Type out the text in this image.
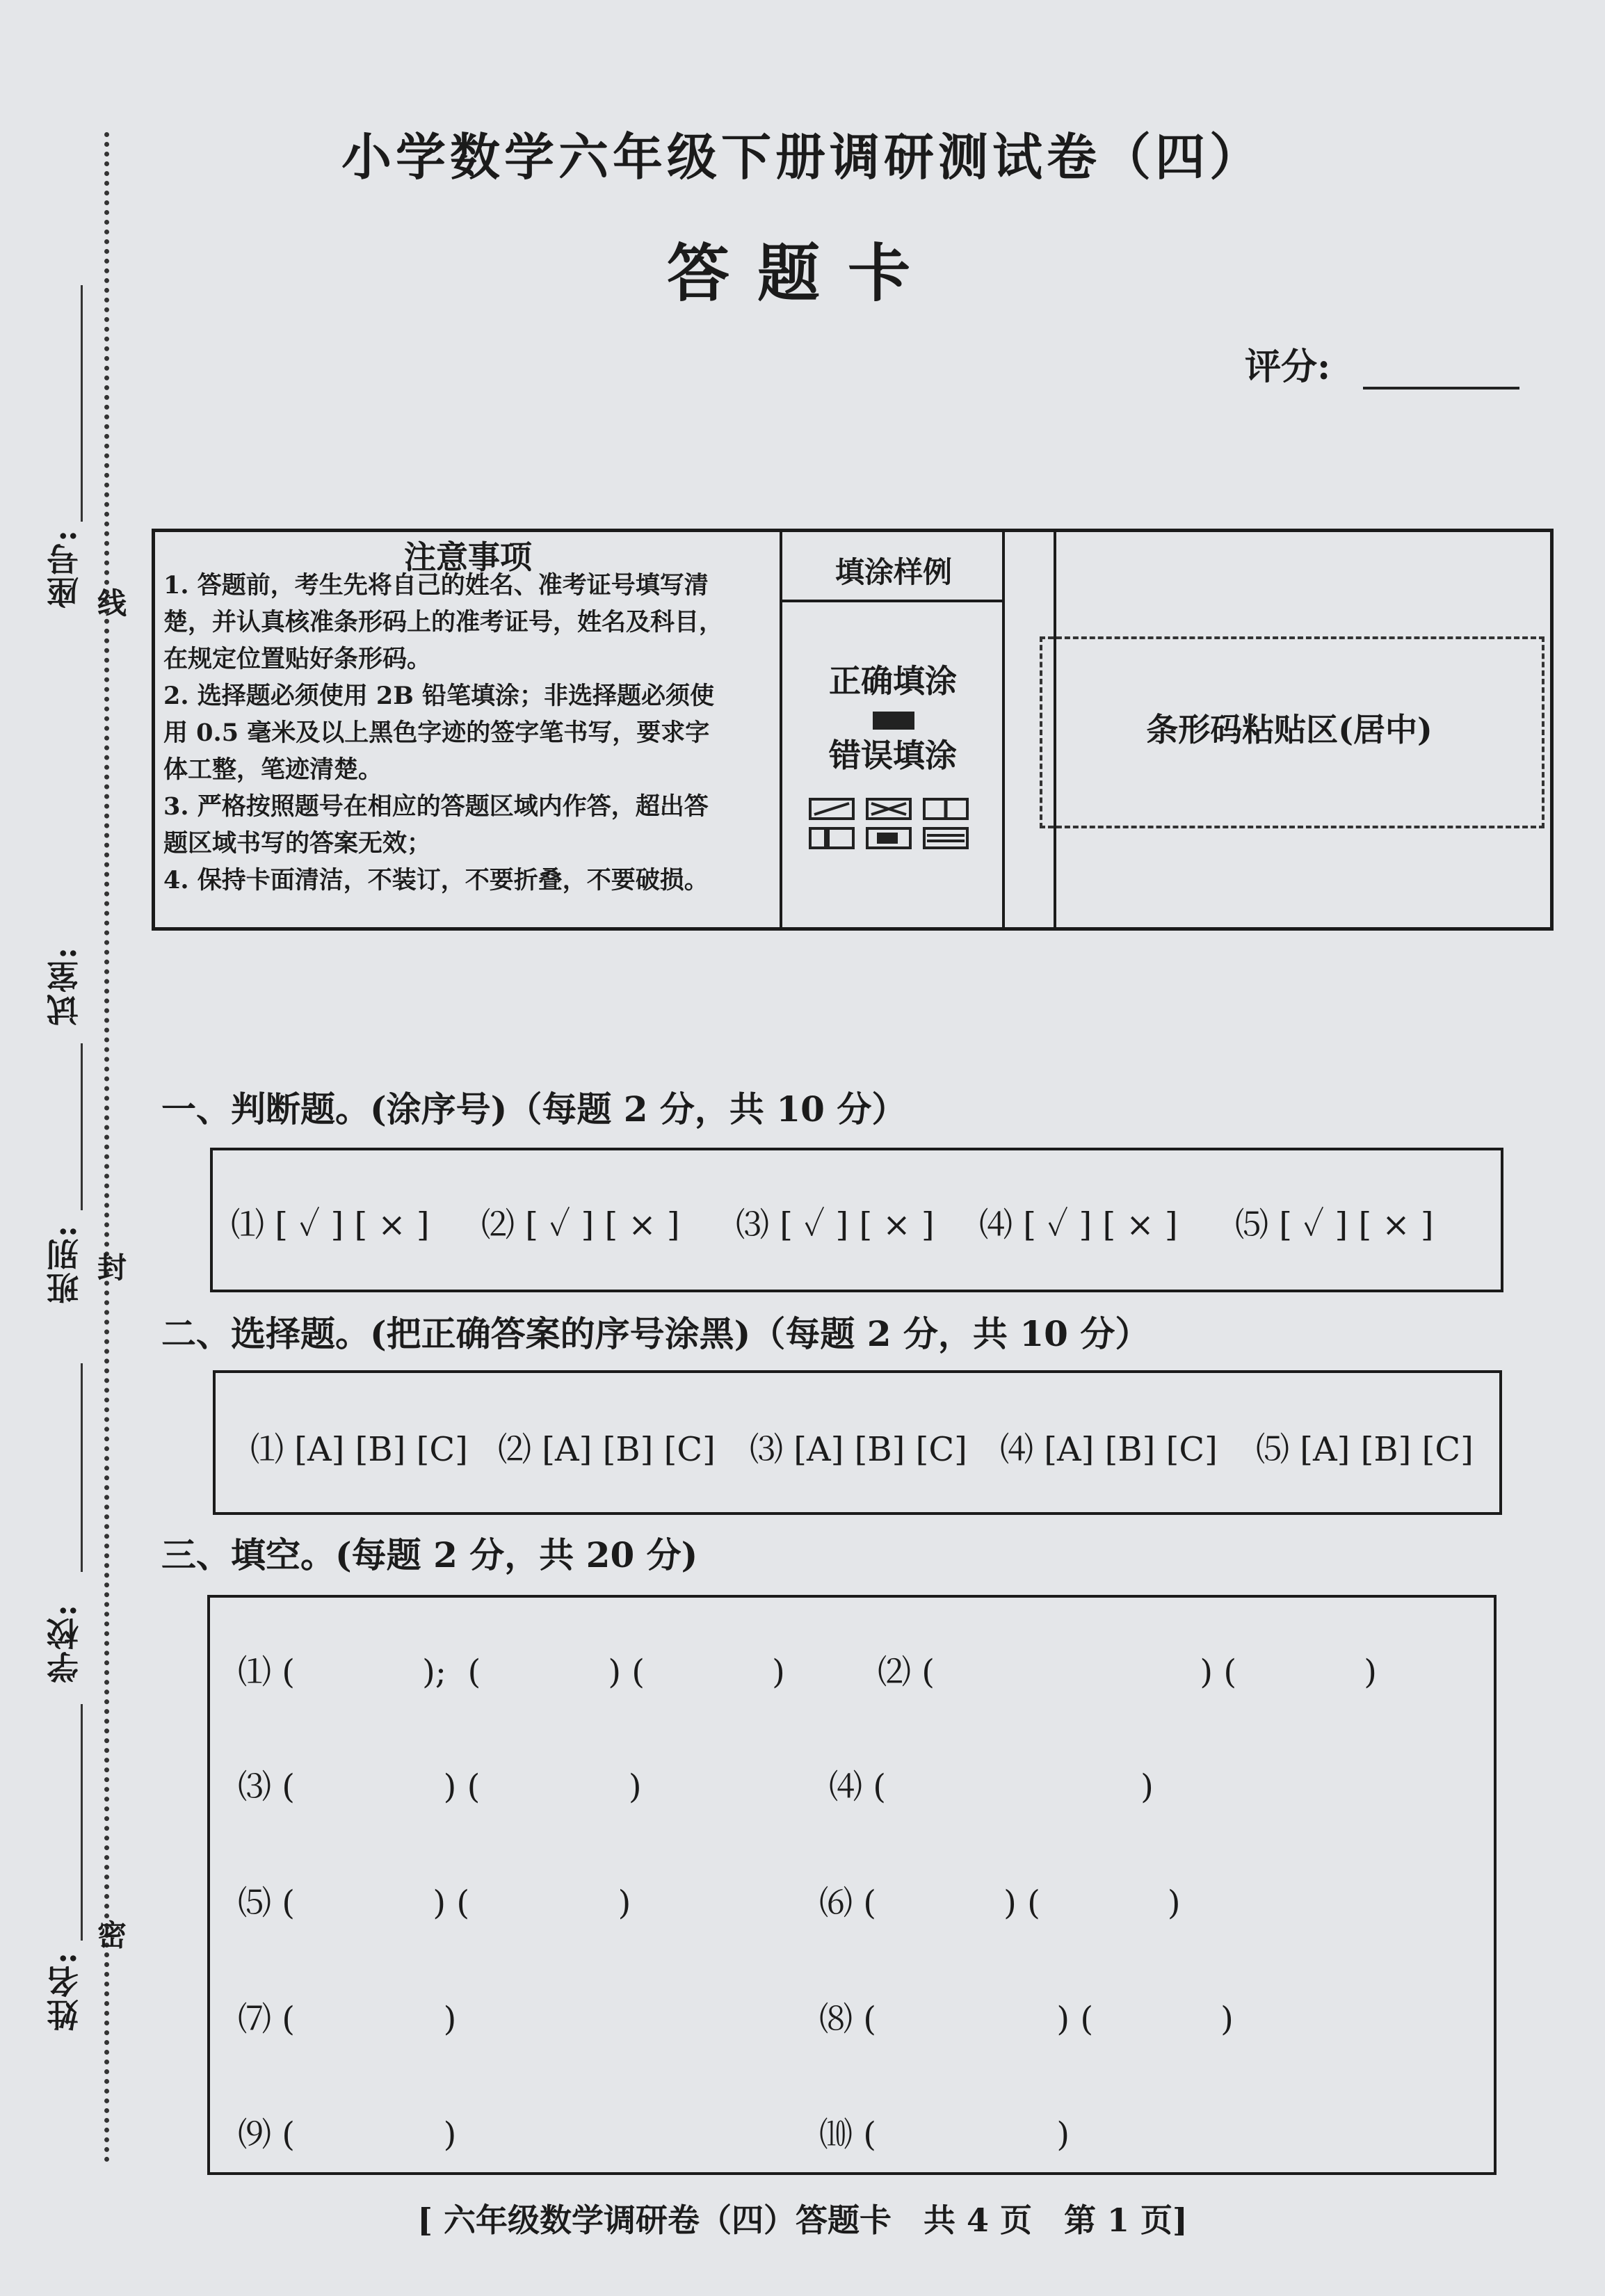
座号:
试室:
班别:
学校:
姓名:
线
封
密
小学数学六年级下册调研测试卷（四）
答题卡
评分:
注意事项
1. 答题前，考生先将自己的姓名、准考证号填写清
楚，并认真核准条形码上的准考证号，姓名及科目，
在规定位置贴好条形码。
2. 选择题必须使用 2B 铅笔填涂；非选择题必须使
用 0.5 毫米及以上黑色字迹的签字笔书写，要求字
体工整，笔迹清楚。
3. 严格按照题号在相应的答题区域内作答，超出答
题区域书写的答案无效；
4. 保持卡面清洁，不装订，不要折叠，不要破损。
填涂样例
正确填涂
错误填涂
条形码粘贴区(居中)
一、判断题。(涂序号)（每题 2 分，共 10 分）
⑴ [ ✓ ] [ × ] ⑵ [ ✓ ] [ × ] ⑶ [ ✓ ] [ × ] ⑷ [ ✓ ] [ × ] ⑸ [ ✓ ] [ × ]
二、选择题。(把正确答案的序号涂黑)（每题 2 分，共 10 分）
⑴ [A] [B] [C] ⑵ [A] [B] [C] ⑶ [A] [B] [C] ⑷ [A] [B] [C] ⑸ [A] [B] [C]
三、填空。(每题 2 分，共 20 分)
⑴ (            );  (            ) (            )	⑵ (                         ) (            )
⑶ (              ) (              )	⑷ (                        )
⑸ (             ) (              )	⑹ (            ) (            )
⑺ (              )	⑻ (                 ) (            )
⑼ (              )	⑽ (                 )
[ 六年级数学调研卷（四）答题卡　共 4 页　第 1 页]
